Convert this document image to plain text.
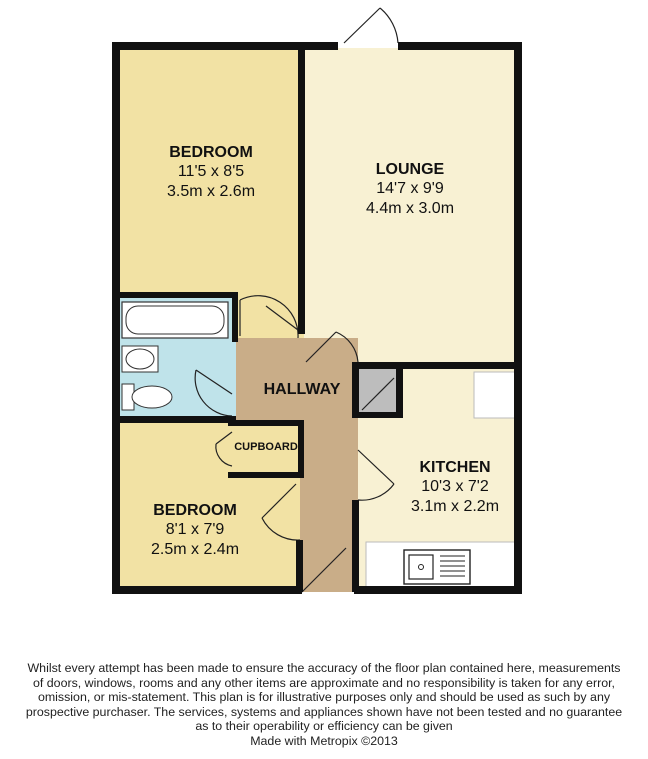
BEDROOM
11'5 x 8'5
3.5m x 2.6m
LOUNGE
14'7 x 9'9
4.4m x 3.0m
HALLWAY
CUPBOARD
KITCHEN
10'3 x 7'2
3.1m x 2.2m
BEDROOM
8'1 x 7'9
2.5m x 2.4m
Whilst every attempt has been made to ensure the accuracy of the floor plan contained here, measurements
of doors, windows, rooms and any other items are approximate and no responsibility is taken for any error,
omission, or mis-statement. This plan is for illustrative purposes only and should be used as such by any
prospective purchaser. The services, systems and appliances shown have not been tested and no guarantee
as to their operability or efficiency can be given
Made with Metropix ©2013
